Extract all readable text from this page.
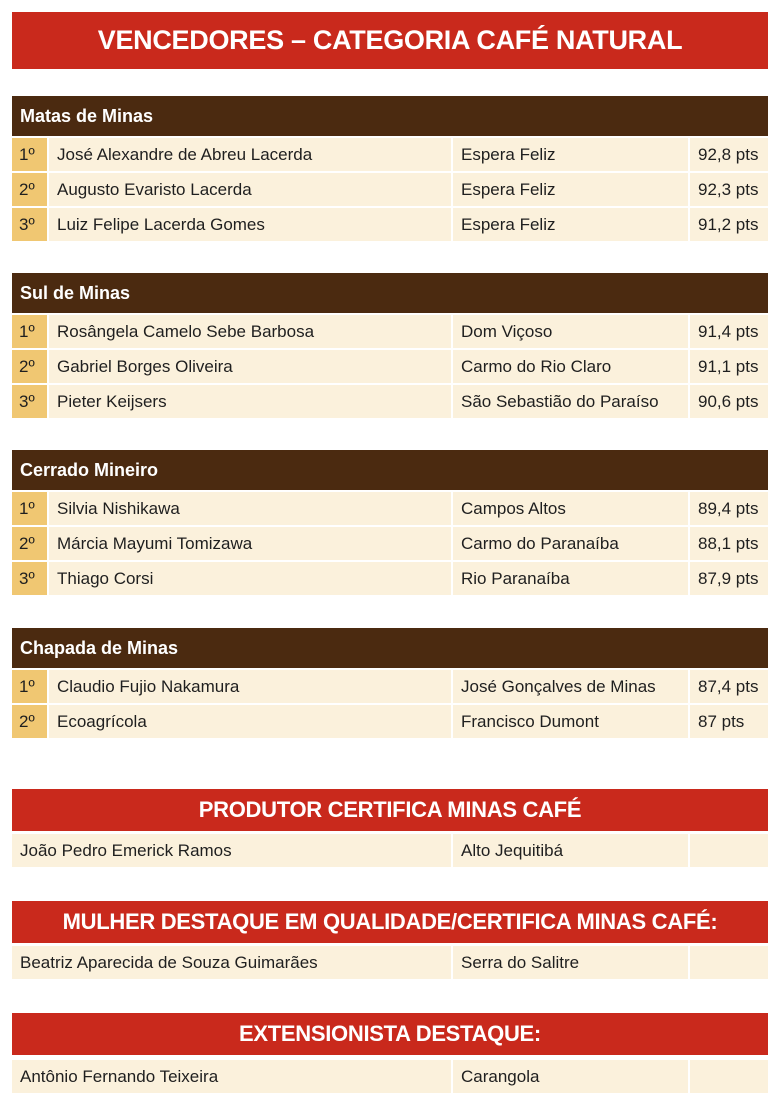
VENCEDORES – CATEGORIA CAFÉ NATURAL
Matas de Minas
1º	José Alexandre de Abreu Lacerda	Espera Feliz	92,8 pts
2º	Augusto Evaristo Lacerda	Espera Feliz	92,3 pts
3º	Luiz Felipe Lacerda Gomes	Espera Feliz	91,2 pts
Sul de Minas
1º	Rosângela Camelo Sebe Barbosa	Dom Viçoso	91,4 pts
2º	Gabriel Borges Oliveira	Carmo do Rio Claro	91,1 pts
3º	Pieter Keijsers	São Sebastião do Paraíso	90,6 pts
Cerrado Mineiro
1º	Silvia Nishikawa	Campos Altos	89,4 pts
2º	Márcia Mayumi Tomizawa	Carmo do Paranaíba	88,1 pts
3º	Thiago Corsi	Rio Paranaíba	87,9 pts
Chapada de Minas
1º	Claudio Fujio Nakamura	José Gonçalves de Minas	87,4 pts
2º	Ecoagrícola	Francisco Dumont	87 pts
PRODUTOR CERTIFICA MINAS CAFÉ
João Pedro Emerick Ramos	Alto Jequitibá
MULHER DESTAQUE EM QUALIDADE/CERTIFICA MINAS CAFÉ:
Beatriz Aparecida de Souza Guimarães	Serra do Salitre
EXTENSIONISTA DESTAQUE:
Antônio Fernando Teixeira	Carangola
